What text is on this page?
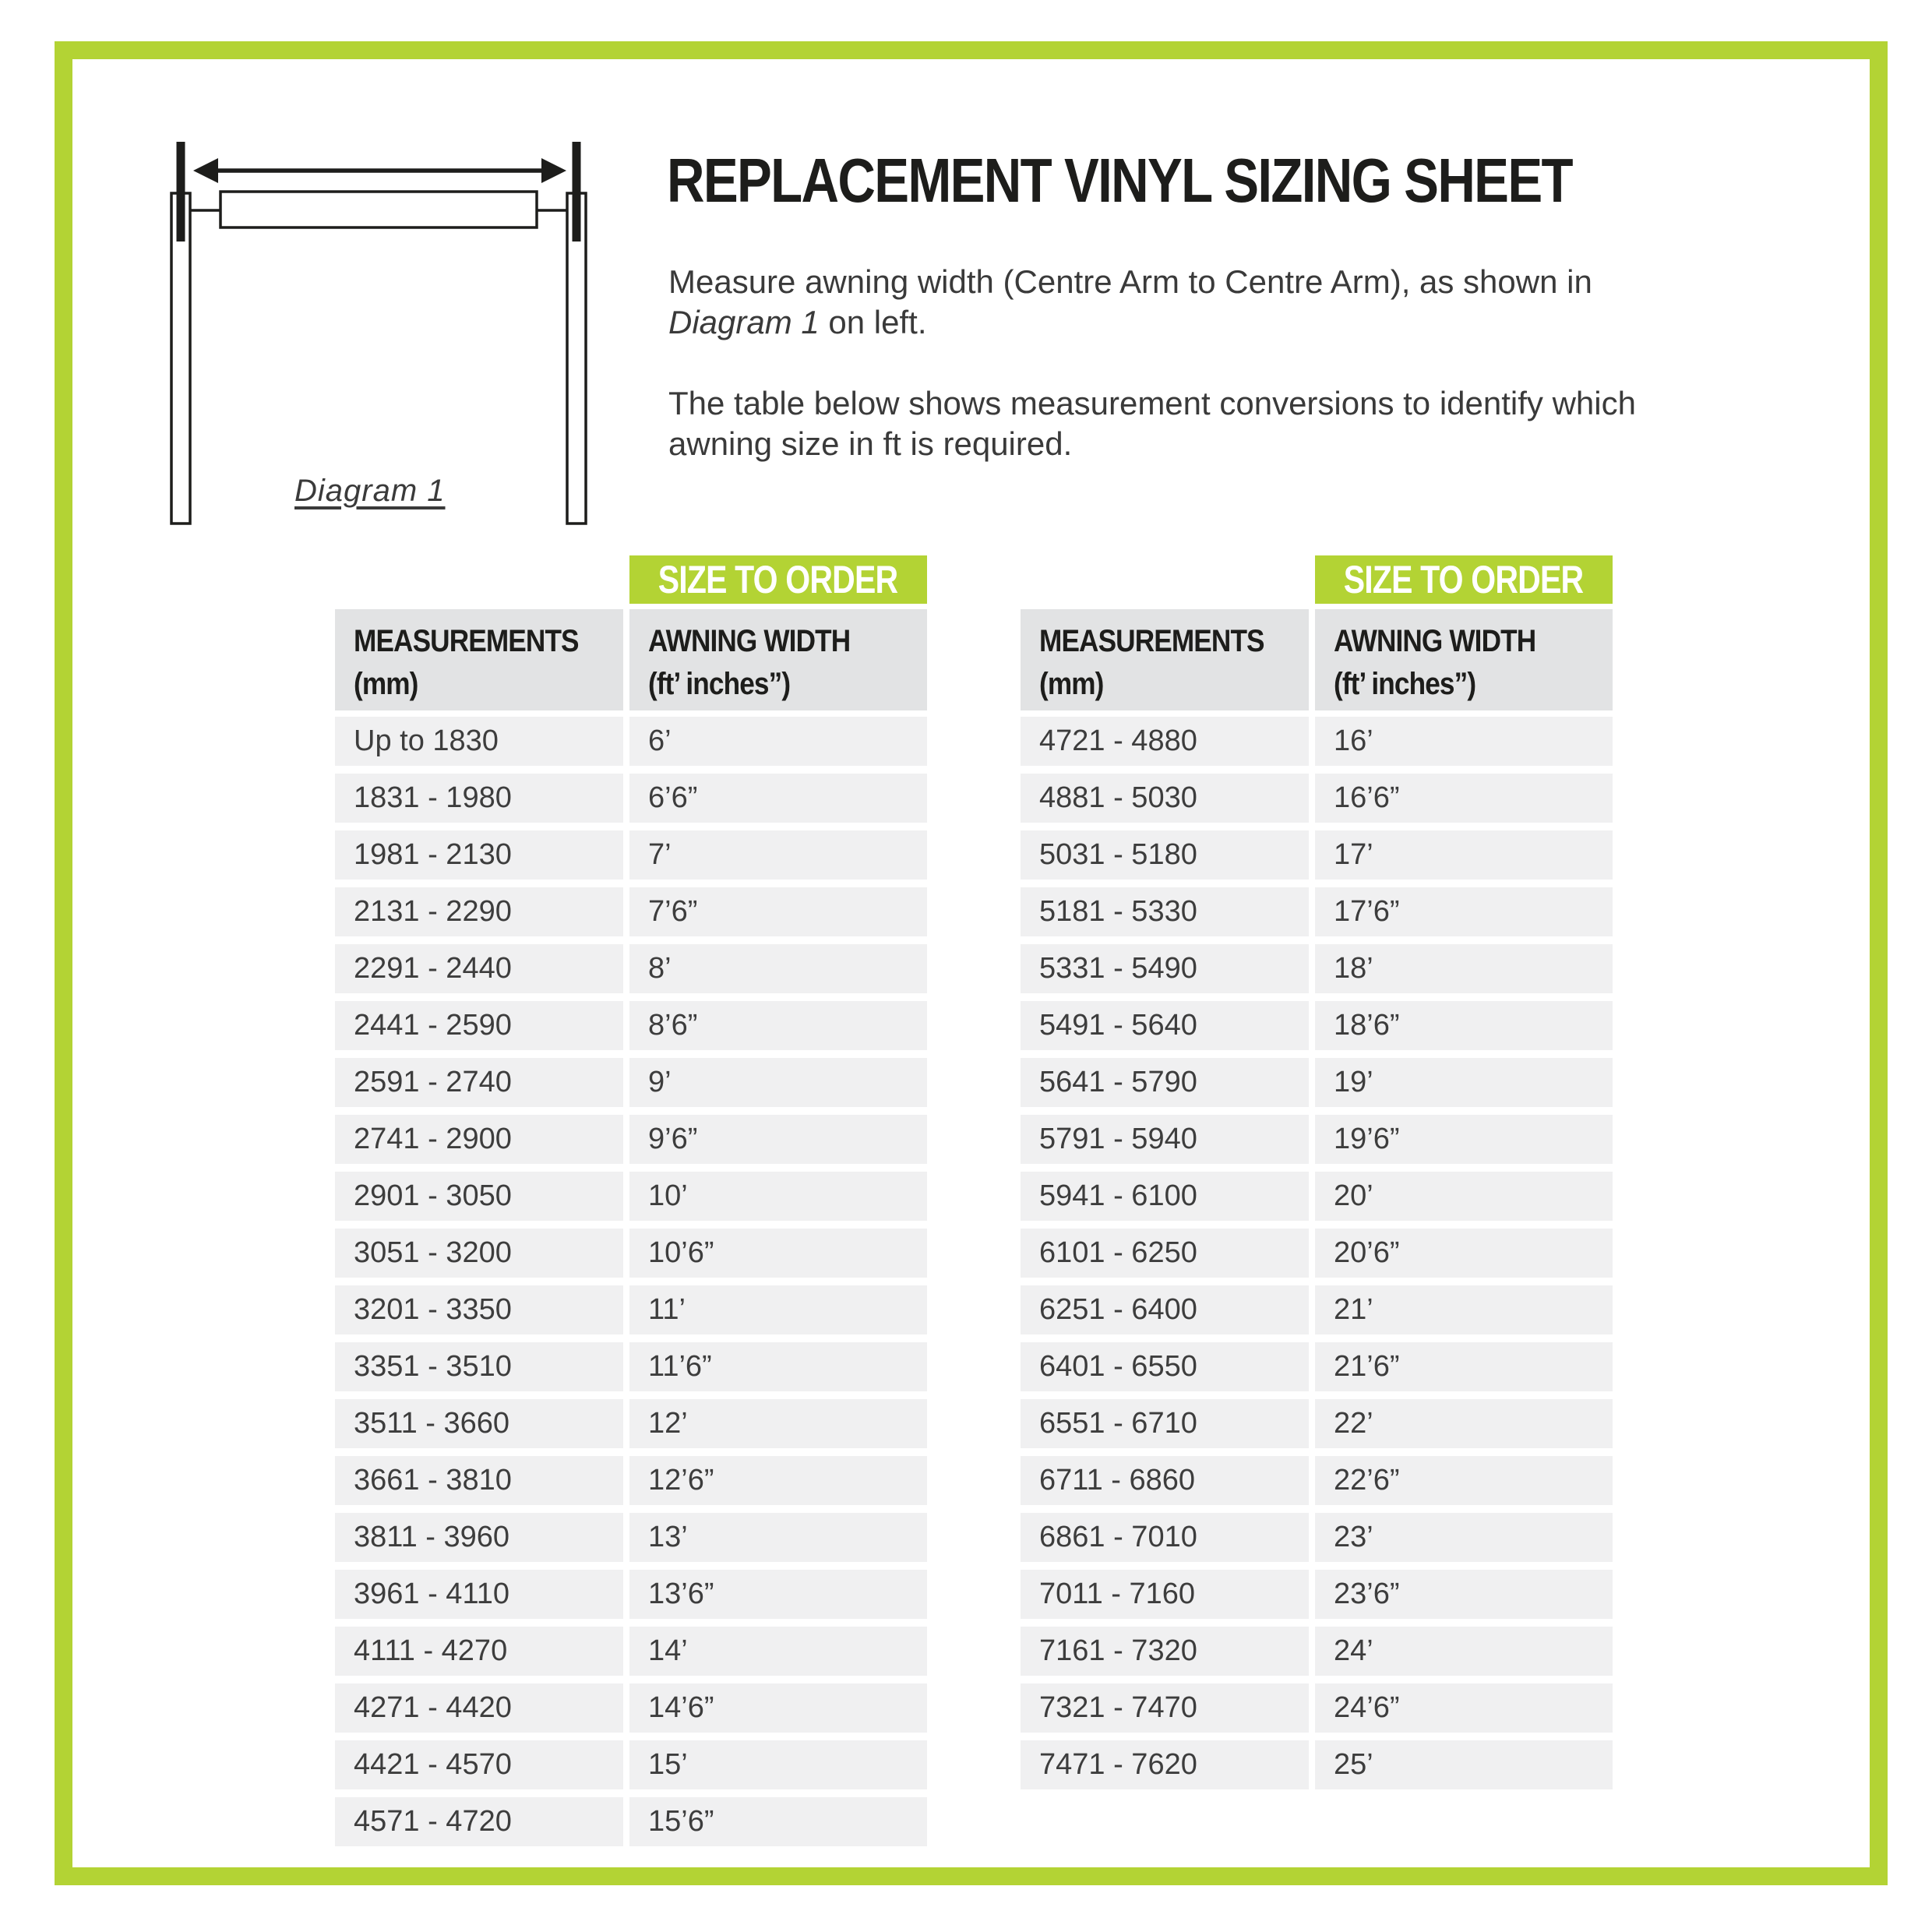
Diagram 1
REPLACEMENT VINYL SIZING SHEET

Measure awning width (Centre Arm to Centre Arm), as shown in
Diagram 1 on left.

The table below shows measurement conversions to identify which
awning size in ft is required.

SIZE TO ORDER
MEASUREMENTS
(mm)
AWNING WIDTH
(ft’ inches”)
Up to 1830	6’
1831 - 1980	6’6”
1981 - 2130	7’
2131 - 2290	7’6”
2291 - 2440	8’
2441 - 2590	8’6”
2591 - 2740	9’
2741 - 2900	9’6”
2901 - 3050	10’
3051 - 3200	10’6”
3201 - 3350	11’
3351 - 3510	11’6”
3511 - 3660	12’
3661 - 3810	12’6”
3811 - 3960	13’
3961 - 4110	13’6”
4111 - 4270	14’
4271 - 4420	14’6”
4421 - 4570	15’
4571 - 4720	15’6”
SIZE TO ORDER
MEASUREMENTS
(mm)
AWNING WIDTH
(ft’ inches”)
4721 - 4880	16’
4881 - 5030	16’6”
5031 - 5180	17’
5181 - 5330	17’6”
5331 - 5490	18’
5491 - 5640	18’6”
5641 - 5790	19’
5791 - 5940	19’6”
5941 - 6100	20’
6101 - 6250	20’6”
6251 - 6400	21’
6401 - 6550	21’6”
6551 - 6710	22’
6711 - 6860	22’6”
6861 - 7010	23’
7011 - 7160	23’6”
7161 - 7320	24’
7321 - 7470	24’6”
7471 - 7620	25’
